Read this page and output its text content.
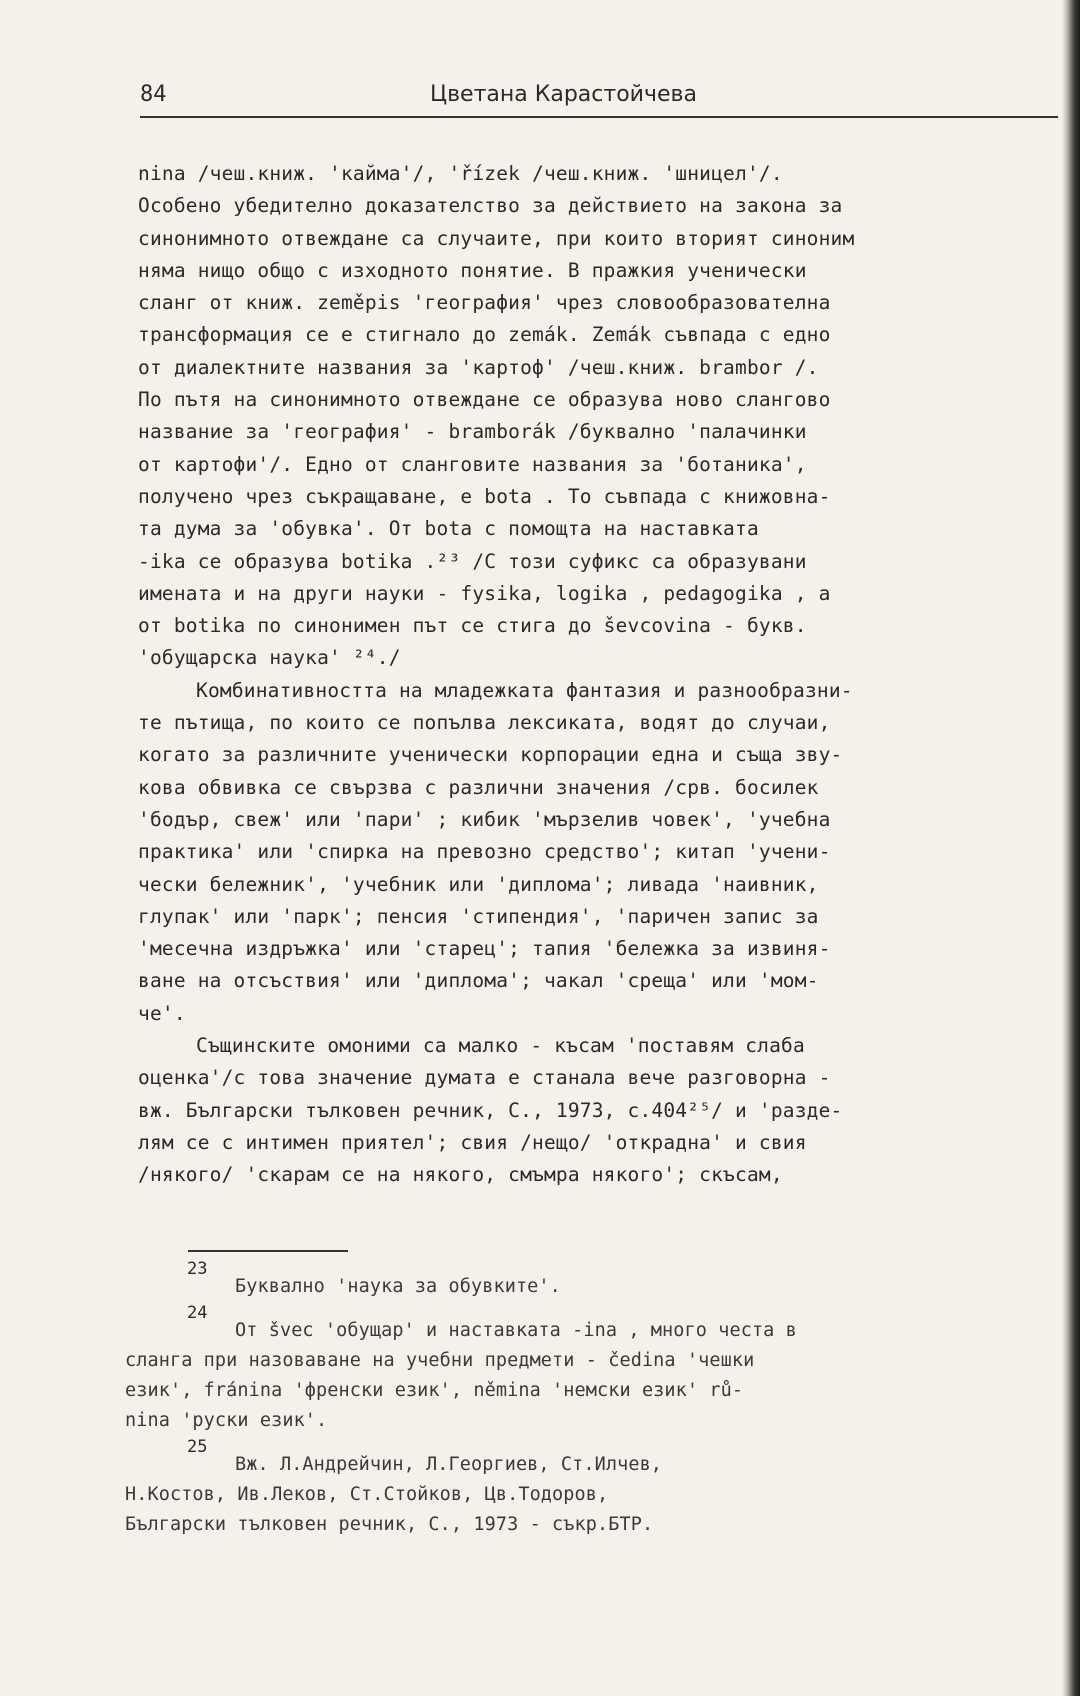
84	Цветана Карастойчева
nina /чеш.книж. 'кайма'/, 'řízek /чеш.книж. 'шницел'/.
Особено убедително доказателство за действието на закона за
синонимното отвеждане са случаите, при които вторият синоним
няма нищо общо с изходното понятие. В пражкия ученически
сланг от книж. zeměpis 'география' чрез словообразователна
трансформация се е стигнало до zemák. Zemák съвпада с едно
от диалектните названия за 'картоф' /чеш.книж. brambor /.
По пътя на синонимното отвеждане се образува ново сланговo
название за 'география' - bramborák /буквално 'палачинки
от картофи'/. Едно от сланговите названия за 'ботаника',
получено чрез съкращаване, е bota . То съвпада с книжовна-
та дума за 'обувка'. От bota с помощта на наставката
-ika се образува botika .²³ /С този суфикс са образувани
имената и на други науки - fysika, logika , pedagogika , а
от botika по синонимен път се стига до ševcovina - букв.
'обущарска наука' ²⁴./
Комбинативността на младежката фантазия и разнообразни-
те пътища, по които се попълва лексиката, водят до случаи,
когато за различните ученически корпорации една и съща зву-
кова обвивка се свързва с различни значения /срв. босилек
'бодър, свеж' или 'пари' ; кибик 'мързелив човек', 'учебна
практика' или 'спирка на превозно средство'; китап 'учени-
чески бележник', 'учебник или 'диплома'; ливада 'наивник,
глупак' или 'парк'; пенсия 'стипендия', 'паричен запис за
'месечна издръжка' или 'старец'; тапия 'бележка за извиня-
ване на отсъствия' или 'диплома'; чакал 'среща' или 'мом-
че'.
Същинските омоними са малко - късам 'поставям слаба
оценка'/с това значение думата е станала вече разговорна -
вж. Български тълковен речник, С., 1973, с.404²⁵/ и 'разде-
лям се с интимен приятел'; свия /нещо/ 'открадна' и свия
/някого/ 'скарам се на някого, смъмра някого'; скъсам,
23
Буквално 'наука за обувките'.
24
От švec 'обущар' и наставката -ina , много честа в
сланга при назоваване на учебни предмети - čedina 'чешки
език', fránina 'френски език', němina 'немски език' rů-
nina 'руски език'.
25
Вж. Л.Андрейчин, Л.Георгиев, Ст.Илчев,
Н.Костов, Ив.Леков, Ст.Стойков, Цв.Тодоров,
Български тълковен речник, С., 1973 - съкр.БТР.
